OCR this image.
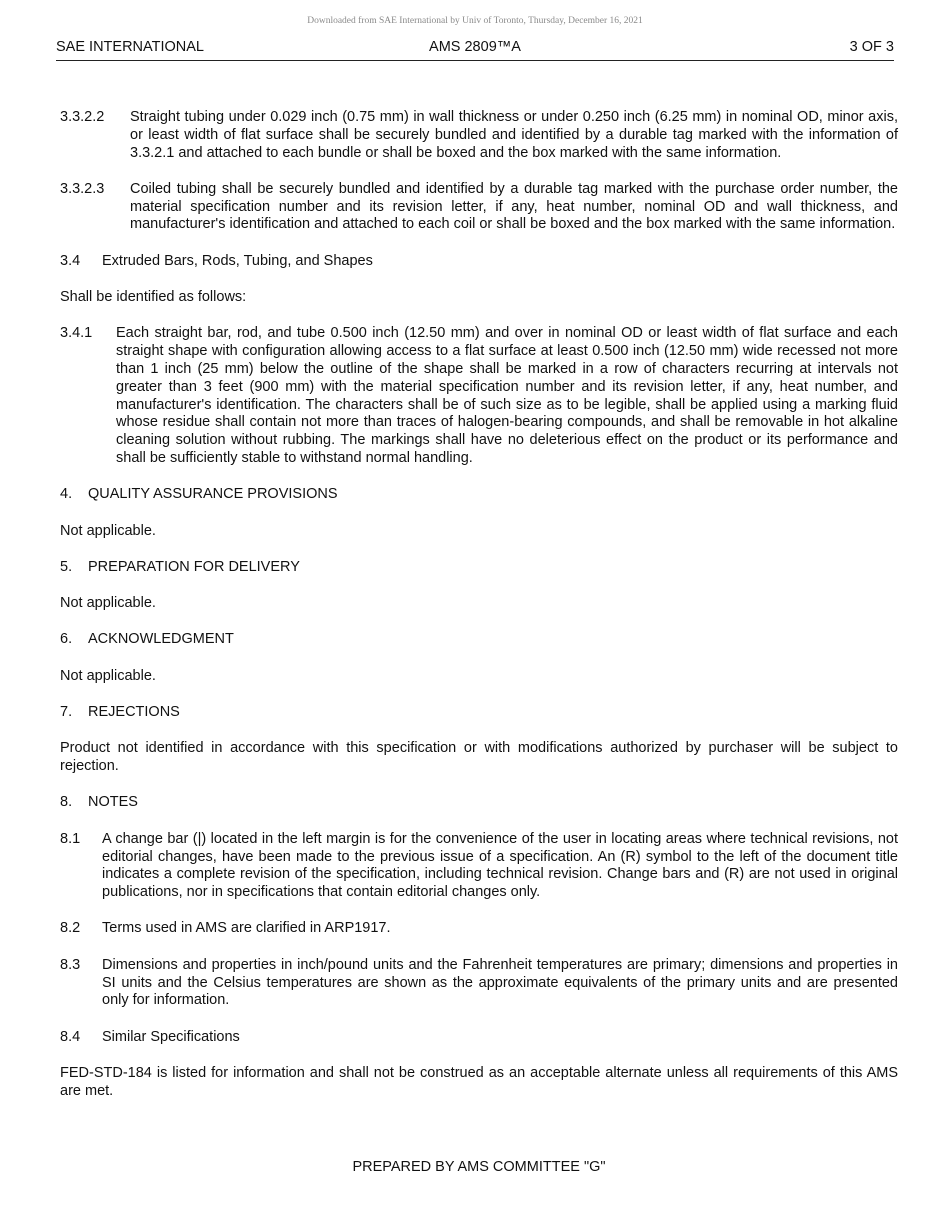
Downloaded from SAE International by Univ of Toronto, Thursday, December 16, 2021
AMS 2809™A
SAE INTERNATIONAL	3 OF 3
3.3.2.2	Straight tubing under 0.029 inch (0.75 mm) in wall thickness or under 0.250 inch (6.25 mm) in nominal OD, minor axis, or least width of flat surface shall be securely bundled and identified by a durable tag marked with the information of 3.3.2.1 and attached to each bundle or shall be boxed and the box marked with the same information.
3.3.2.3	Coiled tubing shall be securely bundled and identified by a durable tag marked with the purchase order number, the material specification number and its revision letter, if any, heat number, nominal OD and wall thickness, and manufacturer's identification and attached to each coil or shall be boxed and the box marked with the same information.
3.4	Extruded Bars, Rods, Tubing, and Shapes
Shall be identified as follows:
3.4.1	Each straight bar, rod, and tube 0.500 inch (12.50 mm) and over in nominal OD or least width of flat surface and each straight shape with configuration allowing access to a flat surface at least 0.500 inch (12.50 mm) wide recessed not more than 1 inch (25 mm) below the outline of the shape shall be marked in a row of characters recurring at intervals not greater than 3 feet (900 mm) with the material specification number and its revision letter, if any, heat number, and manufacturer's identification. The characters shall be of such size as to be legible, shall be applied using a marking fluid whose residue shall contain not more than traces of halogen-bearing compounds, and shall be removable in hot alkaline cleaning solution without rubbing. The markings shall have no deleterious effect on the product or its performance and shall be sufficiently stable to withstand normal handling.
4.	QUALITY ASSURANCE PROVISIONS
Not applicable.
5.	PREPARATION FOR DELIVERY
Not applicable.
6.	ACKNOWLEDGMENT
Not applicable.
7.	REJECTIONS
Product not identified in accordance with this specification or with modifications authorized by purchaser will be subject to rejection.
8.	NOTES
8.1	A change bar (|) located in the left margin is for the convenience of the user in locating areas where technical revisions, not editorial changes, have been made to the previous issue of a specification. An (R) symbol to the left of the document title indicates a complete revision of the specification, including technical revision. Change bars and (R) are not used in original publications, nor in specifications that contain editorial changes only.
8.2	Terms used in AMS are clarified in ARP1917.
8.3	Dimensions and properties in inch/pound units and the Fahrenheit temperatures are primary; dimensions and properties in SI units and the Celsius temperatures are shown as the approximate equivalents of the primary units and are presented only for information.
8.4	Similar Specifications
FED-STD-184 is listed for information and shall not be construed as an acceptable alternate unless all requirements of this AMS are met.
PREPARED BY AMS COMMITTEE "G"
